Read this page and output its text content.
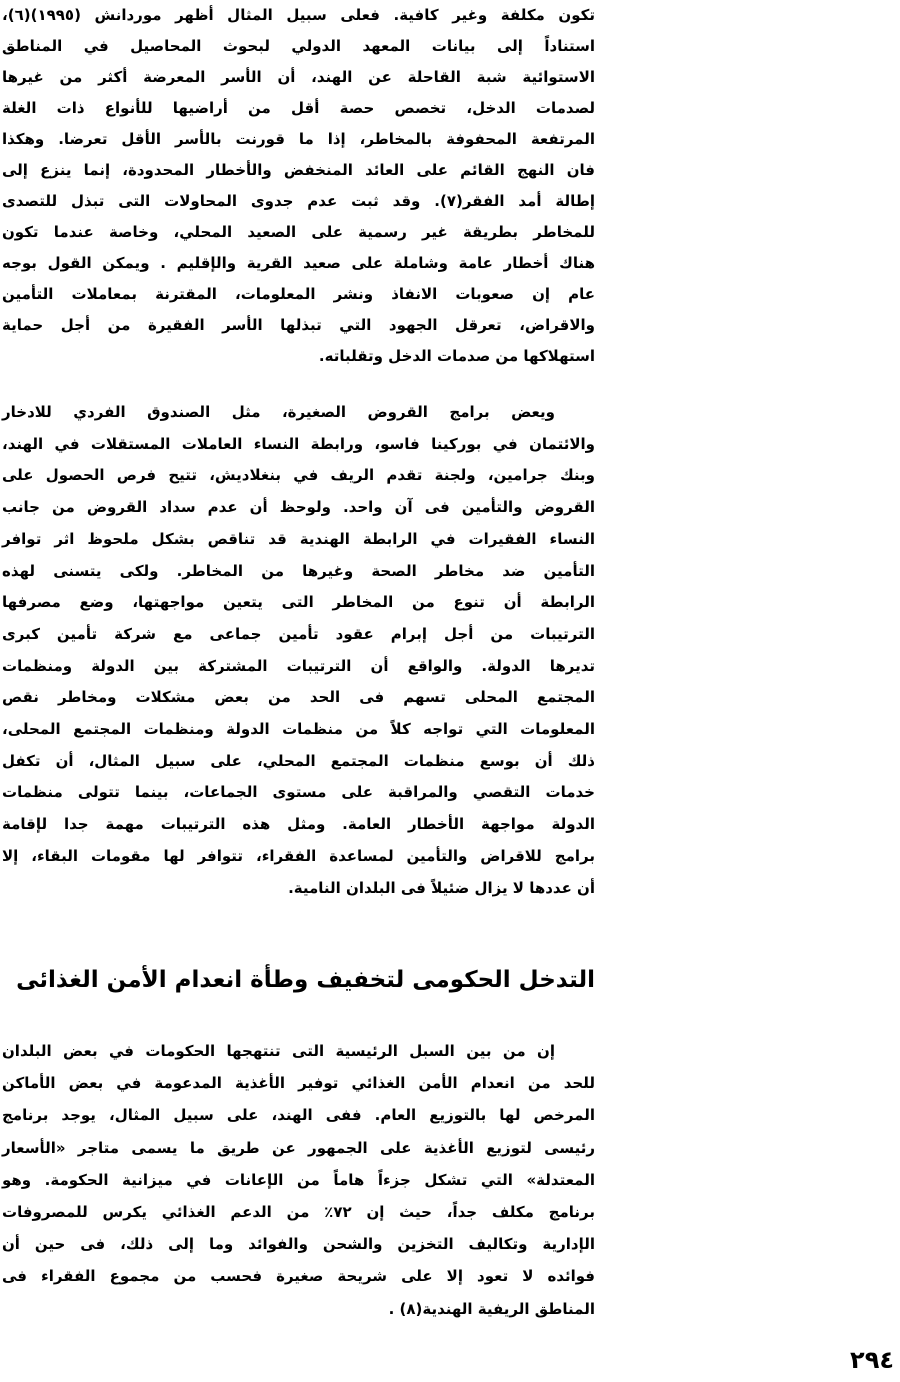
تكون مكلفة وغير كافية. فعلى سبيل المثال أظهر موردانش (١٩٩٥)(٦)،
استناداً إلى بيانات المعهد الدولي لبحوث المحاصيل في المناطق
الاستوائية شبة القاحلة عن الهند، أن الأسر المعرضة أكثر من غيرها
لصدمات الدخل، تخصص حصة أقل من أراضيها للأنواع ذات الغلة
المرتفعة المحفوفة بالمخاطر، إذا ما قورنت بالأسر الأقل تعرضا. وهكذا
فان النهج القائم على العائد المنخفض والأخطار المحدودة، إنما ينزع إلى
إطالة أمد الفقر(٧). وقد ثبت عدم جدوى المحاولات التى تبذل للتصدى
للمخاطر بطريقة غير رسمية على الصعيد المحلي، وخاصة عندما تكون
هناك أخطار عامة وشاملة على صعيد القرية والإقليم . ويمكن القول بوجه
عام إن صعوبات الانفاذ ونشر المعلومات، المقترنة بمعاملات التأمين
والاقراض، تعرقل الجهود التي تبذلها الأسر الفقيرة من أجل حماية
استهلاكها من صدمات الدخل وتقلباته.
ويعض برامج القروض الصغيرة، مثل الصندوق الفردي للادخار
والائتمان في بوركينا فاسو، ورابطة النساء العاملات المستقلات في الهند،
وبنك جرامين، ولجنة تقدم الريف في بنغلاديش، تتيح فرص الحصول على
القروض والتأمين فى آن واحد. ولوحظ أن عدم سداد القروض من جانب
النساء الفقيرات في الرابطة الهندية قد تناقص بشكل ملحوظ اثر توافر
التأمين ضد مخاطر الصحة وغيرها من المخاطر. ولكى يتسنى لهذه
الرابطة أن تنوع من المخاطر التى يتعين مواجهتها، وضع مصرفها
الترتيبات من أجل إبرام عقود تأمين جماعى مع شركة تأمين كبرى
تديرها الدولة. والواقع أن الترتيبات المشتركة بين الدولة ومنظمات
المجتمع المحلى تسهم فى الحد من بعض مشكلات ومخاطر نقص
المعلومات التي تواجه كلاً من منظمات الدولة ومنظمات المجتمع المحلى،
ذلك أن بوسع منظمات المجتمع المحلي، على سبيل المثال، أن تكفل
خدمات التقصي والمراقبة على مستوى الجماعات، بينما تتولى منظمات
الدولة مواجهة الأخطار العامة. ومثل هذه الترتيبات مهمة جدا لإقامة
برامج للاقراض والتأمين لمساعدة الفقراء، تتوافر لها مقومات البقاء، إلا
أن عددها لا يزال ضئيلاً فى البلدان النامية.
التدخل الحكومى لتخفيف وطأة انعدام الأمن الغذائى
إن من بين السبل الرئيسية التى تنتهجها الحكومات في بعض البلدان
للحد من انعدام الأمن الغذائي توفير الأغذية المدعومة في بعض الأماكن
المرخص لها بالتوزيع العام. ففى الهند، على سبيل المثال، يوجد برنامج
رئيسى لتوزيع الأغذية على الجمهور عن طريق ما يسمى متاجر «الأسعار
المعتدلة» التي تشكل جزءاً هاماً من الإعانات في ميزانية الحكومة. وهو
برنامج مكلف جداً، حيث إن ٧٢٪ من الدعم الغذائي يكرس للمصروفات
الإدارية وتكاليف التخزين والشحن والفوائد وما إلى ذلك، فى حين أن
فوائده لا تعود إلا على شريحة صغيرة فحسب من مجموع الفقراء فى
المناطق الريفية الهندية(٨) .
٢٩٤
